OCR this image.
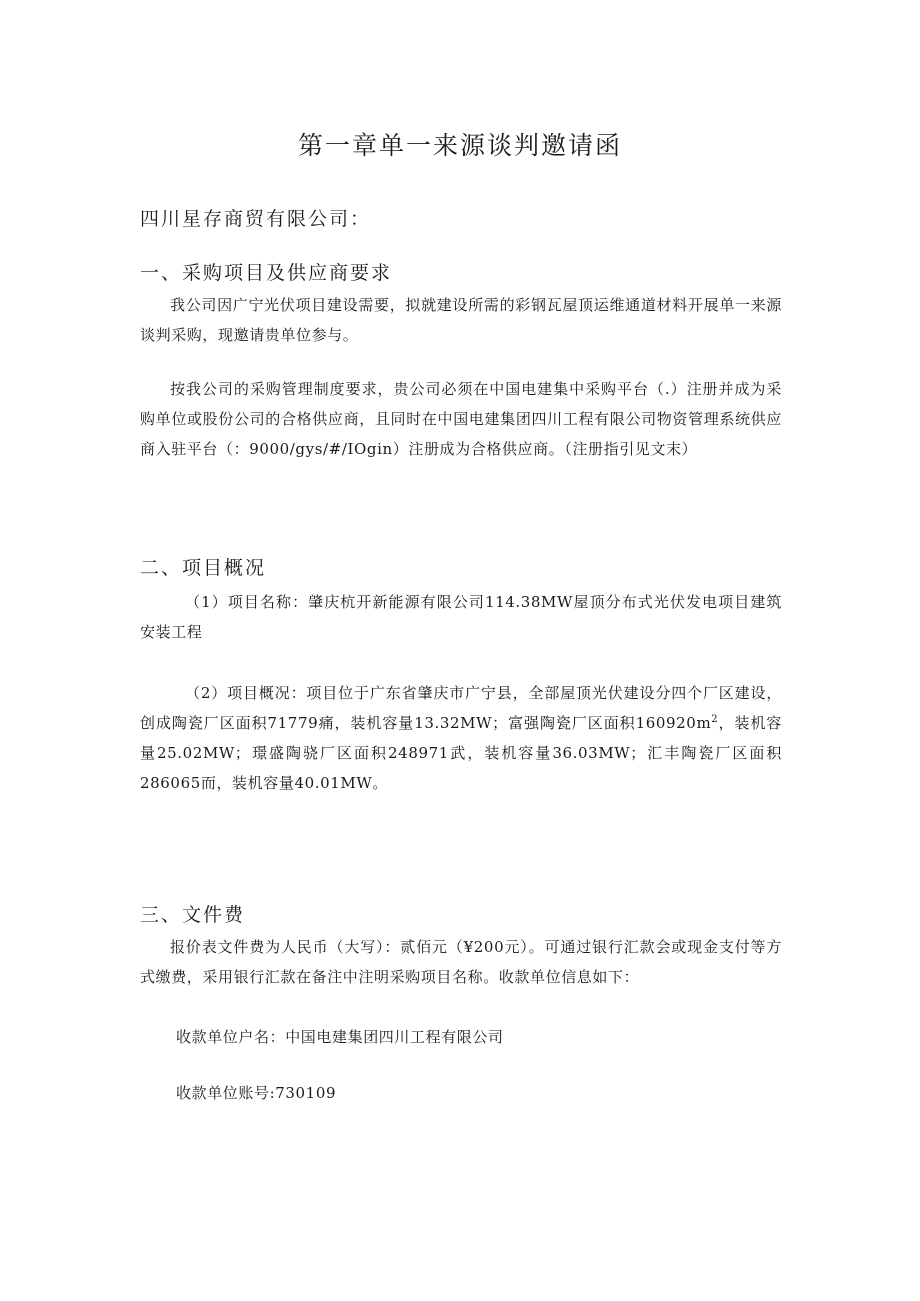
第一章单一来源谈判邀请函
四川星存商贸有限公司：
一、采购项目及供应商要求
我公司因广宁光伏项目建设需要，拟就建设所需的彩钢瓦屋顶运维通道材料开展单一来源谈判采购，现邀请贵单位参与。
按我公司的采购管理制度要求，贵公司必须在中国电建集中采购平台（.）注册并成为采购单位或股份公司的合格供应商，且同时在中国电建集团四川工程有限公司物资管理系统供应商入驻平台（：9000/gys/#/IOgin）注册成为合格供应商。（注册指引见文末）
二、项目概况
（1）项目名称：肇庆杭开新能源有限公司114.38MW屋顶分布式光伏发电项目建筑安装工程
（2）项目概况：项目位于广东省肇庆市广宁县，全部屋顶光伏建设分四个厂区建设，创成陶瓷厂区面积71779痛，装机容量13.32MW；富强陶瓷厂区面积$160920m^2$，装机容量25.02MW；璟盛陶骁厂区面积248971武，装机容量36.03MW；汇丰陶瓷厂区面积286065而，装机容量40.01MW。
三、文件费
报价表文件费为人民币（大写）：贰佰元（¥200元）。可通过银行汇款会或现金支付等方式缴费，采用银行汇款在备注中注明采购项目名称。收款单位信息如下：
收款单位户名：中国电建集团四川工程有限公司
收款单位账号:730109
